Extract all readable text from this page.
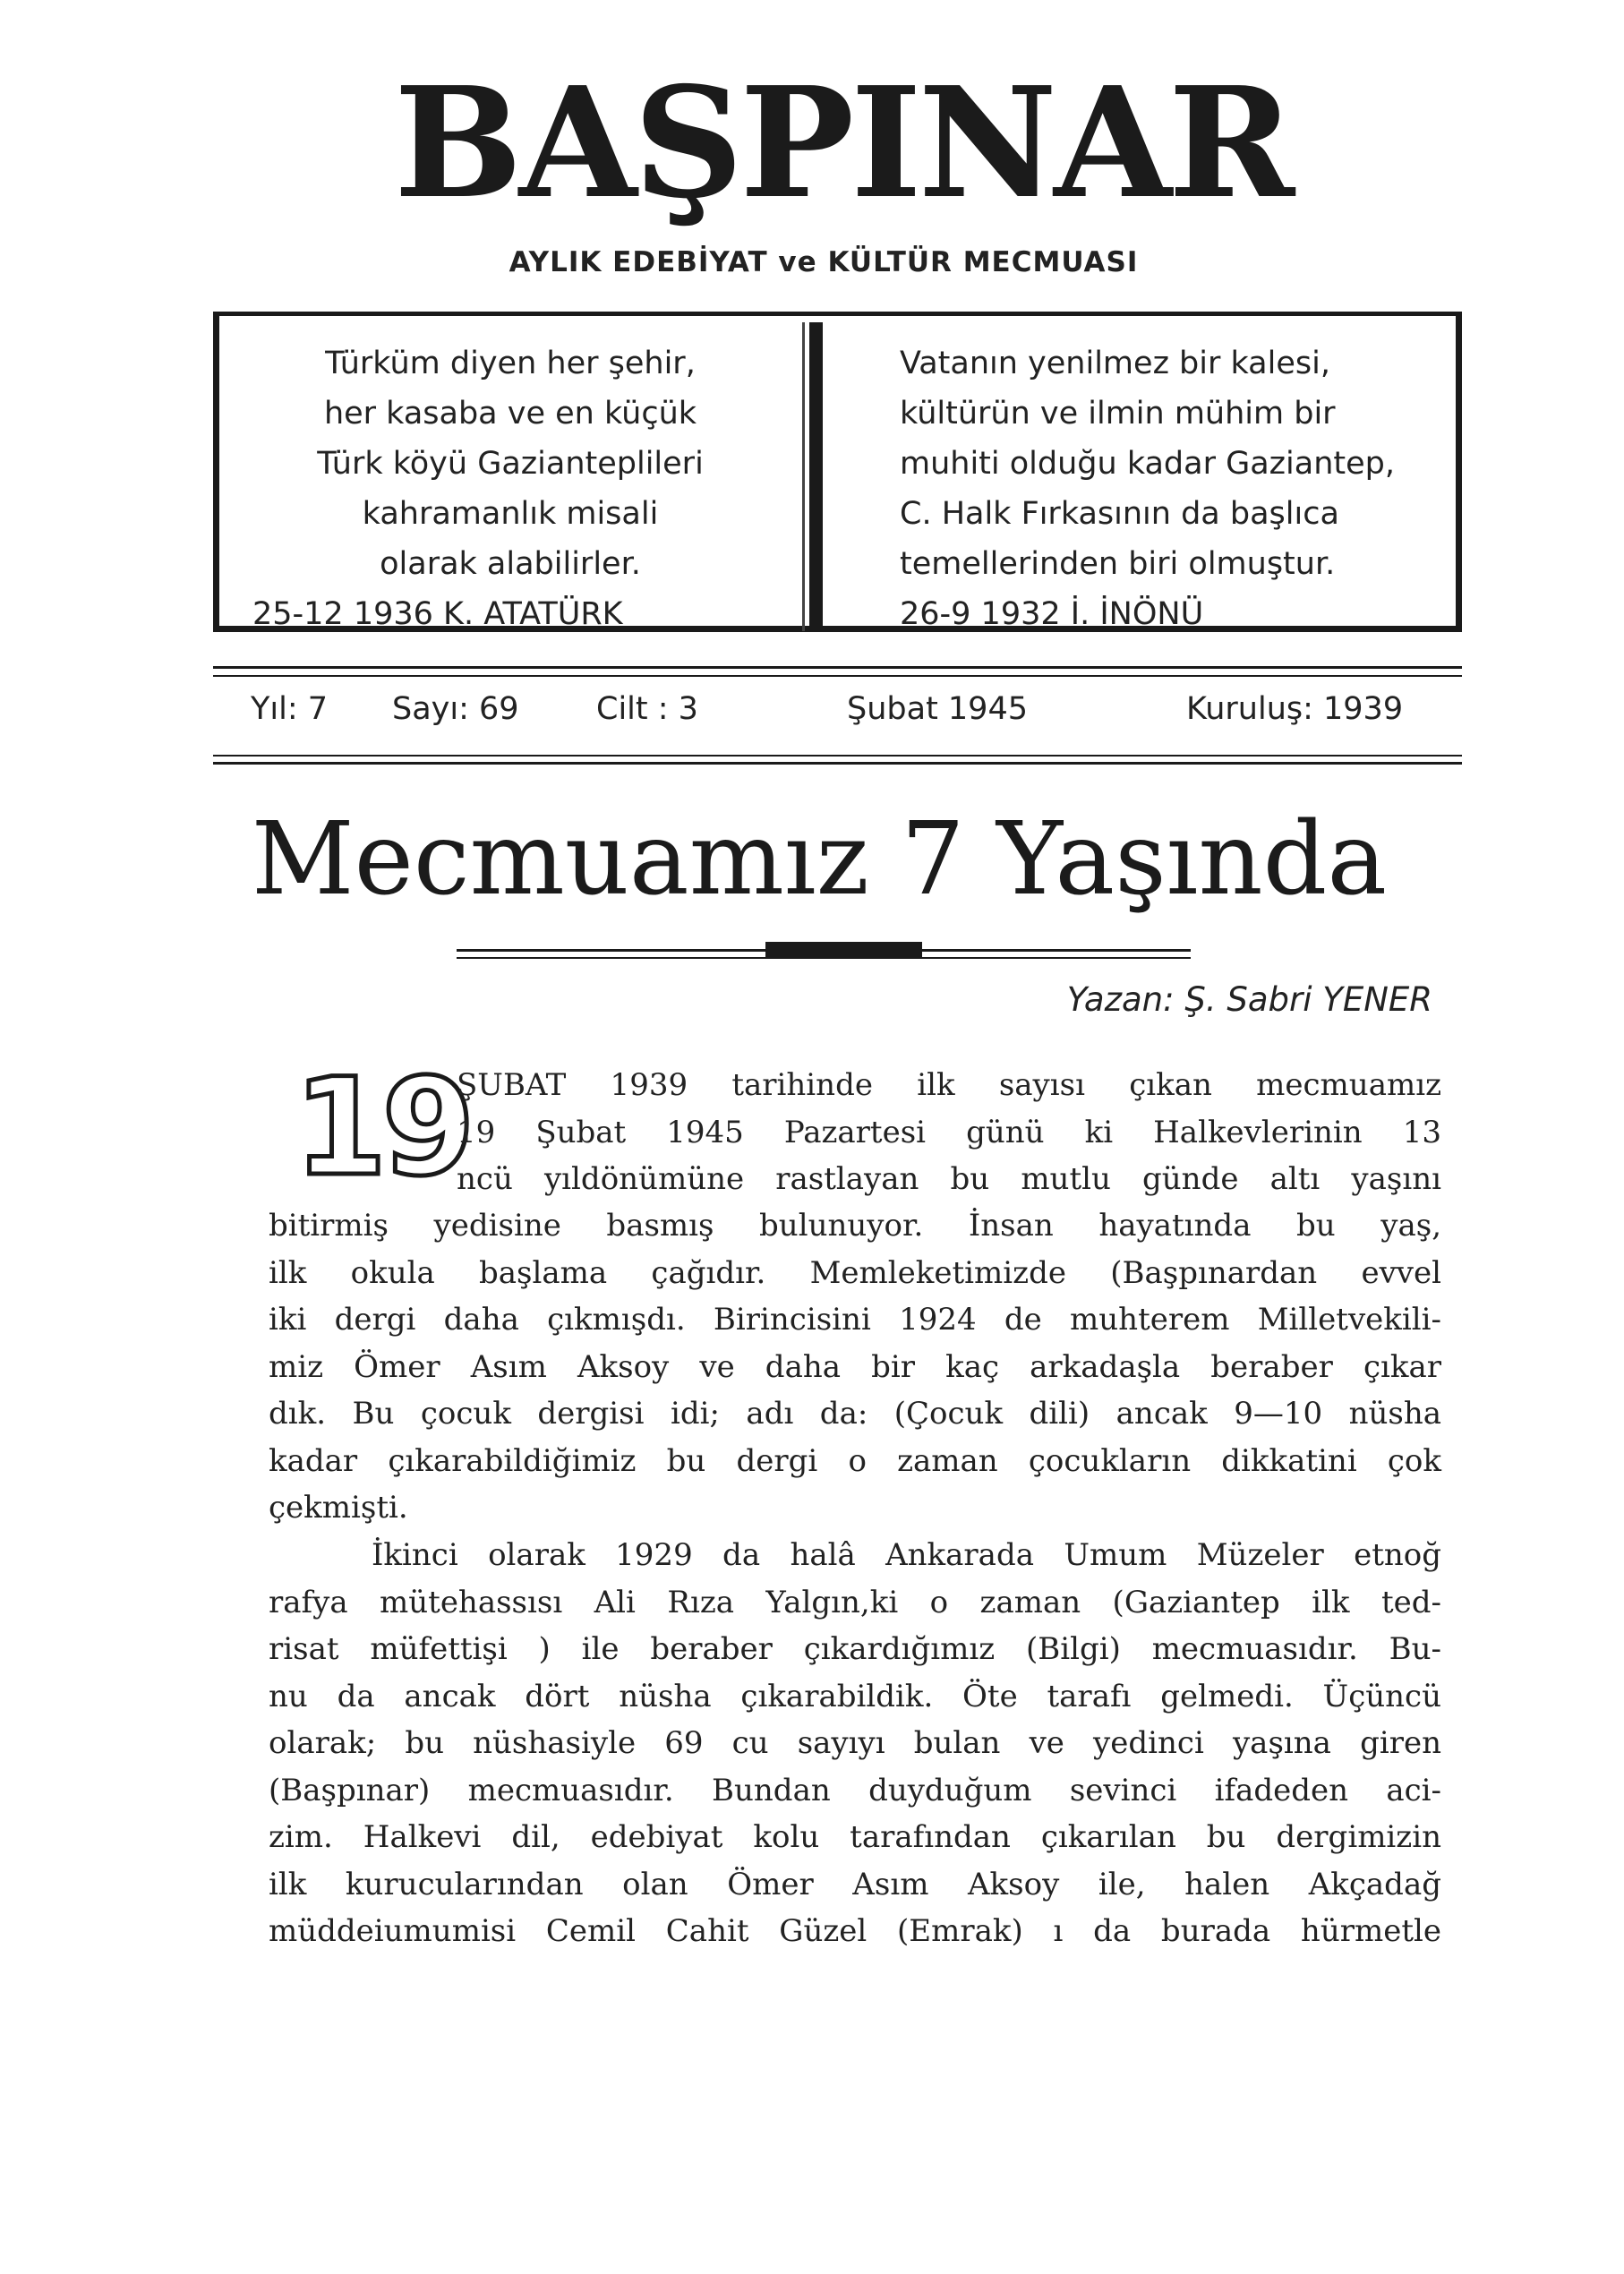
BAŞPINAR
AYLIK EDEBİYAT ve KÜLTÜR MECMUASI
Türküm diyen her şehir,
her kasaba ve en küçük
Türk köyü Gazianteplileri
kahramanlık misali
olarak alabilirler.
25-12 1936 K. ATATÜRK
Vatanın yenilmez bir kalesi,
kültürün ve ilmin mühim bir
muhiti olduğu kadar Gaziantep,
C. Halk Fırkasının da başlıca
temellerinden biri olmuştur.
26-9 1932 İ. İNÖNÜ
Yıl: 7 Sayı: 69 Cilt : 3	Şubat 1945	Kuruluş: 1939
Mecmuamız 7 Yaşında
Yazan: Ş. Sabri YENER
19
ŞUBAT 1939 tarihinde ilk sayısı çıkan mecmuamız
19 Şubat 1945 Pazartesi günü ki Halkevlerinin 13
ncü yıldönümüne rastlayan bu mutlu günde altı yaşını
bitirmiş yedisine basmış bulunuyor. İnsan hayatında bu yaş,
ilk okula başlama çağıdır. Memleketimizde (Başpınardan evvel
iki dergi daha çıkmışdı. Birincisini 1924 de muhterem Milletvekili-
miz Ömer Asım Aksoy ve daha bir kaç arkadaşla beraber çıkar
dık. Bu çocuk dergisi idi; adı da: (Çocuk dili) ancak 9—10 nüsha
kadar çıkarabildiğimiz bu dergi o zaman çocukların dikkatini çok
çekmişti.
İkinci olarak 1929 da halâ Ankarada Umum Müzeler etnoğ
rafya mütehassısı Ali Rıza Yalgın,ki o zaman (Gaziantep ilk ted-
risat müfettişi ) ile beraber çıkardığımız (Bilgi) mecmuasıdır. Bu-
nu da ancak dört nüsha çıkarabildik. Öte tarafı gelmedi. Üçüncü
olarak; bu nüshasiyle 69 cu sayıyı bulan ve yedinci yaşına giren
(Başpınar) mecmuasıdır. Bundan duyduğum sevinci ifadeden aci-
zim. Halkevi dil, edebiyat kolu tarafından çıkarılan bu dergimizin
ilk kurucularından olan Ömer Asım Aksoy ile, halen Akçadağ
müddeiumumisi Cemil Cahit Güzel (Emrak) ı da burada hürmetle
